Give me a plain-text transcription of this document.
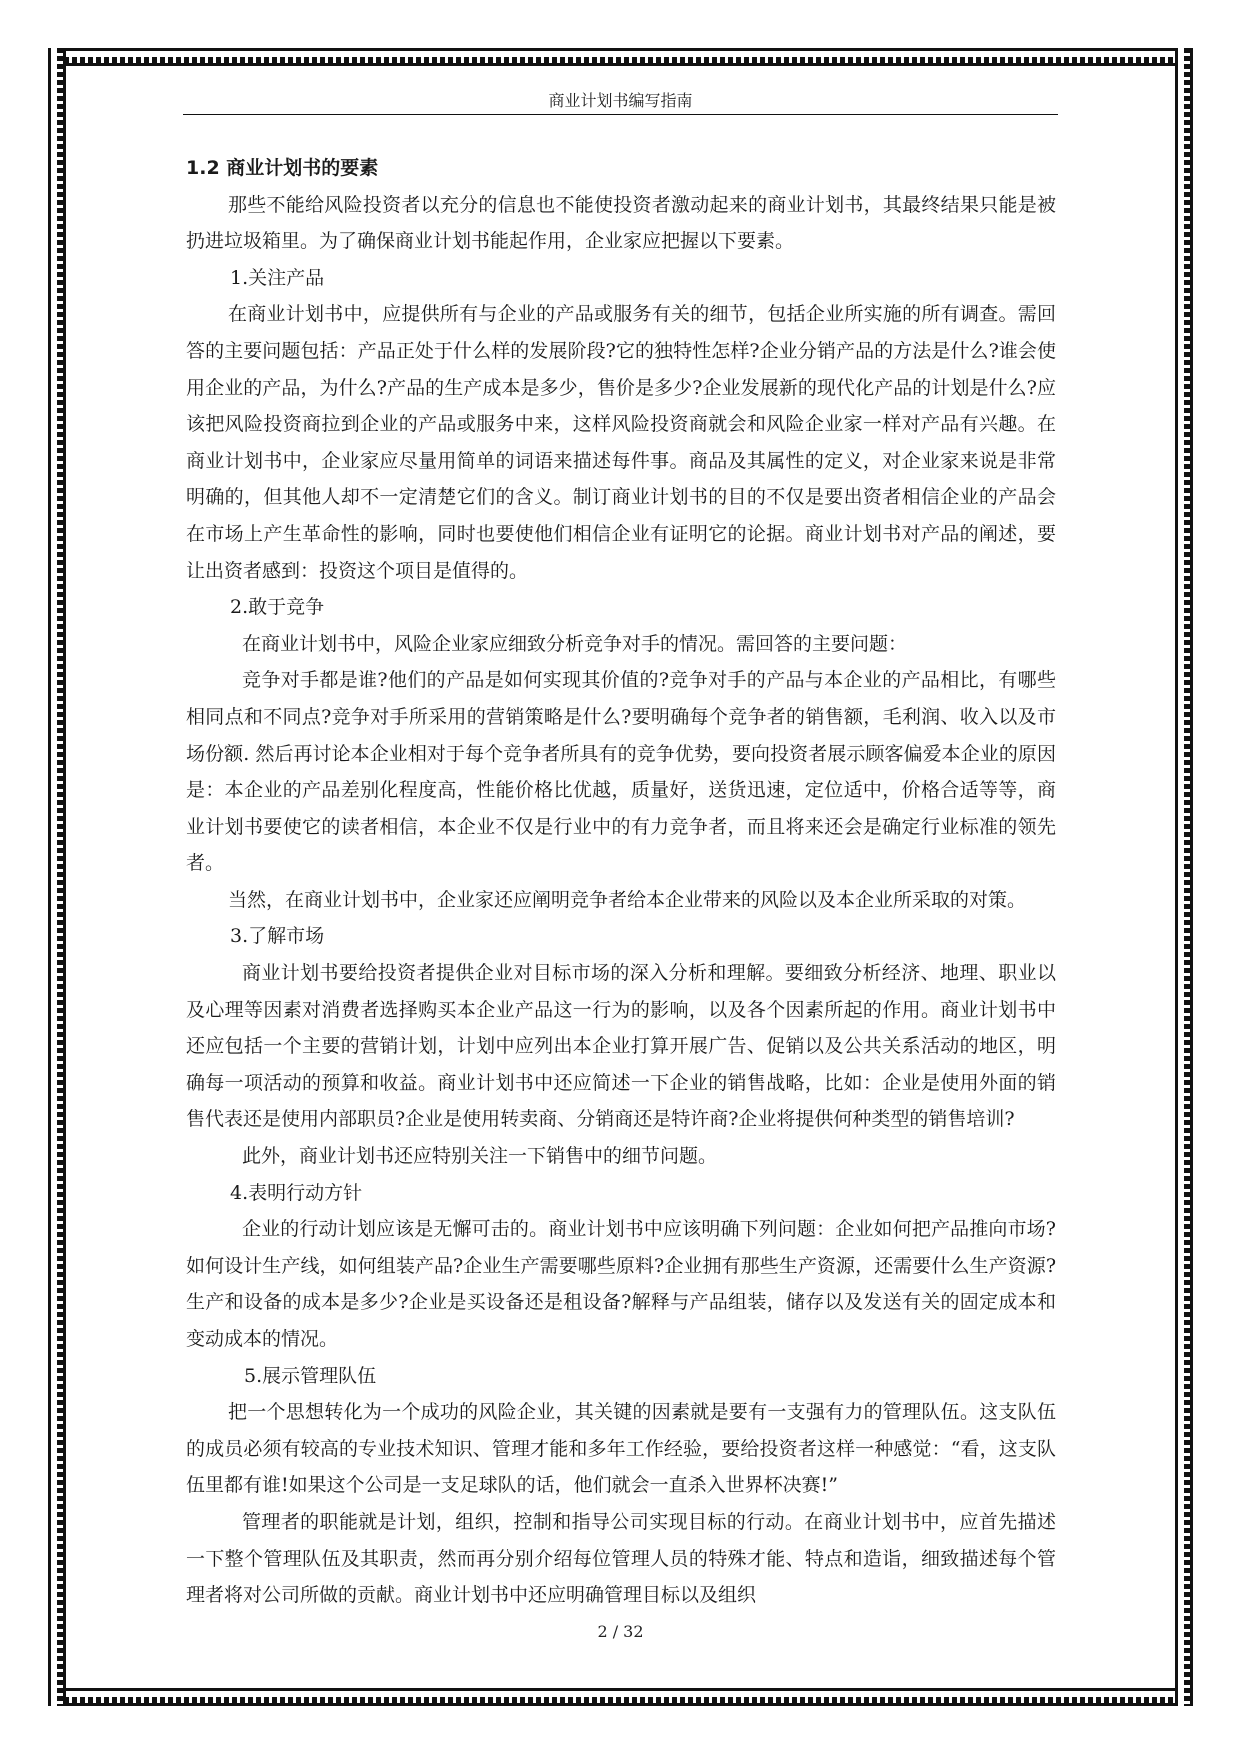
商业计划书编写指南

1.2 商业计划书的要素

那些不能给风险投资者以充分的信息也不能使投资者激动起来的商业计划书，其最终结果只能是被扔进垃圾箱里。为了确保商业计划书能起作用，企业家应把握以下要素。

1.关注产品

在商业计划书中，应提供所有与企业的产品或服务有关的细节，包括企业所实施的所有调查。需回答的主要问题包括：产品正处于什么样的发展阶段?它的独特性怎样?企业分销产品的方法是什么?谁会使用企业的产品，为什么?产品的生产成本是多少，售价是多少?企业发展新的现代化产品的计划是什么?应该把风险投资商拉到企业的产品或服务中来，这样风险投资商就会和风险企业家一样对产品有兴趣。在商业计划书中，企业家应尽量用简单的词语来描述每件事。商品及其属性的定义，对企业家来说是非常明确的，但其他人却不一定清楚它们的含义。制订商业计划书的目的不仅是要出资者相信企业的产品会在市场上产生革命性的影响，同时也要使他们相信企业有证明它的论据。商业计划书对产品的阐述，要让出资者感到：投资这个项目是值得的。

2.敢于竞争

在商业计划书中，风险企业家应细致分析竞争对手的情况。需回答的主要问题：

竞争对手都是谁?他们的产品是如何实现其价值的?竞争对手的产品与本企业的产品相比，有哪些相同点和不同点?竞争对手所采用的营销策略是什么?要明确每个竞争者的销售额，毛利润、收入以及市场份额. 然后再讨论本企业相对于每个竞争者所具有的竞争优势，要向投资者展示顾客偏爱本企业的原因是：本企业的产品差别化程度高，性能价格比优越，质量好，送货迅速，定位适中，价格合适等等，商业计划书要使它的读者相信，本企业不仅是行业中的有力竞争者，而且将来还会是确定行业标准的领先者。

当然，在商业计划书中，企业家还应阐明竞争者给本企业带来的风险以及本企业所采取的对策。

3.了解市场

商业计划书要给投资者提供企业对目标市场的深入分析和理解。要细致分析经济、地理、职业以及心理等因素对消费者选择购买本企业产品这一行为的影响，以及各个因素所起的作用。商业计划书中还应包括一个主要的营销计划，计划中应列出本企业打算开展广告、促销以及公共关系活动的地区，明确每一项活动的预算和收益。商业计划书中还应简述一下企业的销售战略，比如：企业是使用外面的销售代表还是使用内部职员?企业是使用转卖商、分销商还是特许商?企业将提供何种类型的销售培训?

此外，商业计划书还应特别关注一下销售中的细节问题。

4.表明行动方针

企业的行动计划应该是无懈可击的。商业计划书中应该明确下列问题：企业如何把产品推向市场?如何设计生产线，如何组装产品?企业生产需要哪些原料?企业拥有那些生产资源，还需要什么生产资源?生产和设备的成本是多少?企业是买设备还是租设备?解释与产品组装，储存以及发送有关的固定成本和变动成本的情况。

5.展示管理队伍

把一个思想转化为一个成功的风险企业，其关键的因素就是要有一支强有力的管理队伍。这支队伍的成员必须有较高的专业技术知识、管理才能和多年工作经验，要给投资者这样一种感觉：“看，这支队伍里都有谁!如果这个公司是一支足球队的话，他们就会一直杀入世界杯决赛!”

管理者的职能就是计划，组织，控制和指导公司实现目标的行动。在商业计划书中，应首先描述一下整个管理队伍及其职责，然而再分别介绍每位管理人员的特殊才能、特点和造诣，细致描述每个管理者将对公司所做的贡献。商业计划书中还应明确管理目标以及组织

2 / 32
